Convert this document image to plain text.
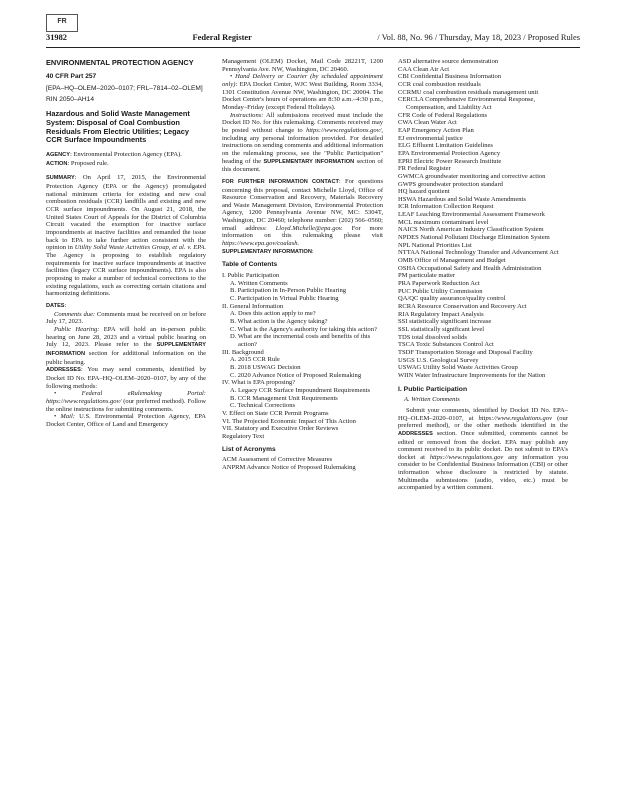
FR
31982	Federal Register	/ Vol. 88, No. 96 / Thursday, May 18, 2023 / Proposed Rules
ENVIRONMENTAL PROTECTION AGENCY
40 CFR Part 257
[EPA–HQ–OLEM–2020–0107; FRL–7814–02–OLEM]
RIN 2050–AH14
Hazardous and Solid Waste Management System: Disposal of Coal Combustion Residuals From Electric Utilities; Legacy CCR Surface Impoundments

AGENCY: Environmental Protection Agency (EPA).

ACTION: Proposed rule.

SUMMARY: On April 17, 2015, the Environmental Protection Agency (EPA or the Agency) promulgated national minimum criteria for existing and new coal combustion residuals (CCR) landfills and existing and new CCR surface impoundments. On August 21, 2018, the United States Court of Appeals for the District of Columbia Circuit vacated the exemption for inactive surface impoundments at inactive facilities and remanded the issue back to EPA to take further action consistent with the opinion in Utility Solid Waste Activities Group, et al. v. EPA. The Agency is proposing to establish regulatory requirements for inactive surface impoundments at inactive facilities (legacy CCR surface impoundments). EPA is also proposing to make a number of technical corrections to the existing regulations, such as correcting certain citations and harmonizing definitions.

DATES:

Comments due: Comments must be received on or before July 17, 2023.

Public Hearing: EPA will hold an in-person public hearing on June 28, 2023 and a virtual public hearing on July 12, 2023. Please refer to the SUPPLEMENTARY INFORMATION section for additional information on the public hearing.

ADDRESSES: You may send comments, identified by Docket ID No. EPA–HQ–OLEM–2020–0107, by any of the following methods:

• Federal eRulemaking Portal: https://www.regulations.gov/ (our preferred method). Follow the online instructions for submitting comments.

• Mail: U.S. Environmental Protection Agency, EPA Docket Center, Office of Land and Emergency

Management (OLEM) Docket, Mail Code 28221T, 1200 Pennsylvania Ave. NW, Washington, DC 20460.

• Hand Delivery or Courier (by scheduled appointment only): EPA Docket Center, WJC West Building, Room 3334, 1301 Constitution Avenue NW, Washington, DC 20004. The Docket Center's hours of operations are 8:30 a.m.–4:30 p.m., Monday–Friday (except Federal Holidays).

Instructions: All submissions received must include the Docket ID No. for this rulemaking. Comments received may be posted without change to https://www.regulations.gov/, including any personal information provided. For detailed instructions on sending comments and additional information on the rulemaking process, see the "Public Participation" heading of the SUPPLEMENTARY INFORMATION section of this document.

FOR FURTHER INFORMATION CONTACT: For questions concerning this proposal, contact Michelle Lloyd, Office of Resource Conservation and Recovery, Materials Recovery and Waste Management Division, Environmental Protection Agency, 1200 Pennsylvania Avenue NW, MC: 5304T, Washington, DC 20460; telephone number: (202) 566–0560; email address: Lloyd.Michelle@epa.gov. For more information on this rulemaking please visit https://www.epa.gov/coalash.

SUPPLEMENTARY INFORMATION:

Table of Contents
I. Public Participation
A. Written Comments
B. Participation in In-Person Public Hearing
C. Participation in Virtual Public Hearing
II. General Information
A. Does this action apply to me?
B. What action is the Agency taking?
C. What is the Agency's authority for taking this action?
D. What are the incremental costs and benefits of this action?
III. Background
A. 2015 CCR Rule
B. 2018 USWAG Decision
C. 2020 Advance Notice of Proposed Rulemaking
IV. What is EPA proposing?
A. Legacy CCR Surface Impoundment Requirements
B. CCR Management Unit Requirements
C. Technical Corrections
V. Effect on State CCR Permit Programs
VI. The Projected Economic Impact of This Action
VII. Statutory and Executive Order Reviews
Regulatory Text
List of Acronyms
ACM Assessment of Corrective Measures
ANPRM Advance Notice of Proposed Rulemaking
ASD alternative source demonstration
CAA Clean Air Act
CBI Confidential Business Information
CCR coal combustion residuals
CCRMU coal combustion residuals management unit
CERCLA Comprehensive Environmental Response, Compensation, and Liability Act
CFR Code of Federal Regulations
CWA Clean Water Act
EAP Emergency Action Plan
EJ environmental justice
ELG Effluent Limitation Guidelines
EPA Environmental Protection Agency
EPRI Electric Power Research Institute
FR Federal Register
GWMCA groundwater monitoring and corrective action
GWPS groundwater protection standard
HQ hazard quotient
HSWA Hazardous and Solid Waste Amendments
ICR Information Collection Request
LEAF Leaching Environmental Assessment Framework
MCL maximum contaminant level
NAICS North American Industry Classification System
NPDES National Pollutant Discharge Elimination System
NPL National Priorities List
NTTAA National Technology Transfer and Advancement Act
OMB Office of Management and Budget
OSHA Occupational Safety and Health Administration
PM particulate matter
PRA Paperwork Reduction Act
PUC Public Utility Commission
QA/QC quality assurance/quality control
RCRA Resource Conservation and Recovery Act
RIA Regulatory Impact Analysis
SSI statistically significant increase
SSL statistically significant level
TDS total dissolved solids
TSCA Toxic Substances Control Act
TSDF Transportation Storage and Disposal Facility
USGS U.S. Geological Survey
USWAG Utility Solid Waste Activities Group
WIIN Water Infrastructure Improvements for the Nation
I. Public Participation
A. Written Comments

Submit your comments, identified by Docket ID No. EPA–HQ–OLEM–2020–0107, at https://www.regulations.gov (our preferred method), or the other methods identified in the ADDRESSES section. Once submitted, comments cannot be edited or removed from the docket. EPA may publish any comment received to its public docket. Do not submit to EPA's docket at https://www.regulations.gov any information you consider to be Confidential Business Information (CBI) or other information whose disclosure is restricted by statute. Multimedia submissions (audio, video, etc.) must be accompanied by a written comment.
